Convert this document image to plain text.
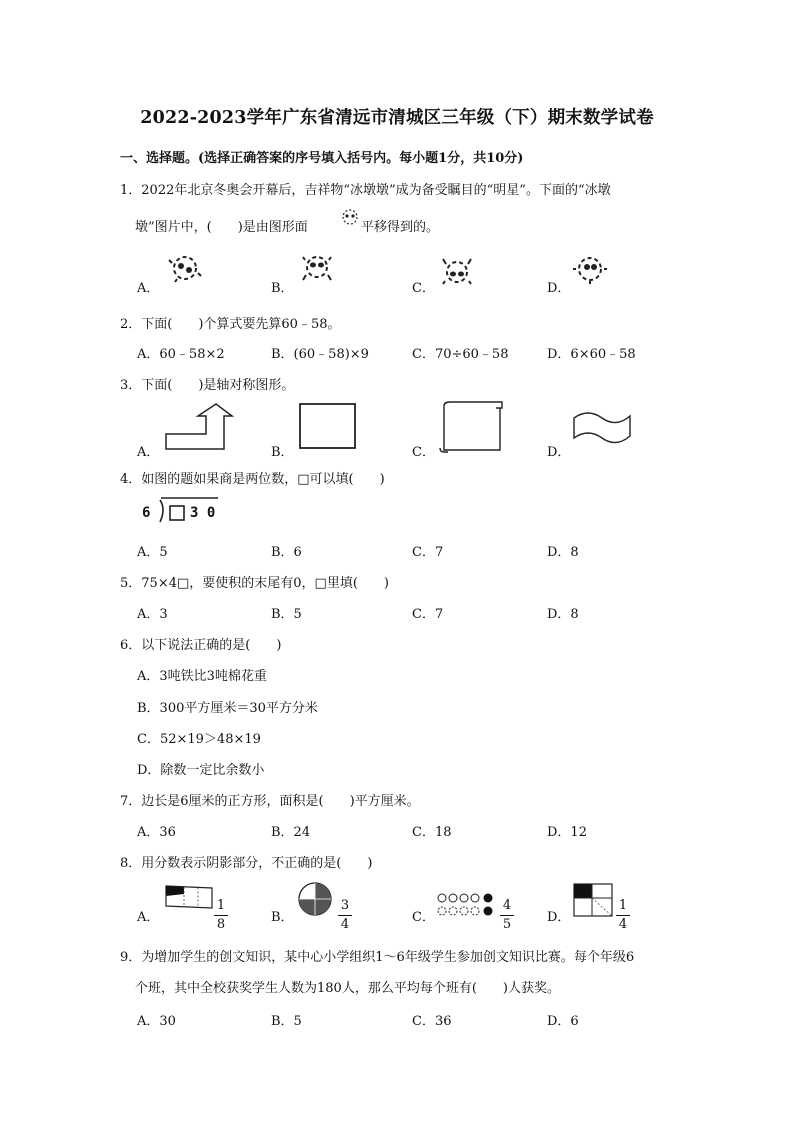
2022-2023学年广东省清远市清城区三年级（下）期末数学试卷
一、选择题。(选择正确答案的序号填入括号内。每小题1分，共10分)
1．2022年北京冬奥会开幕后，吉祥物“冰墩墩”成为备受瞩目的“明星”。下面的“冰墩
墩”图片中，(　　)是由图形面	平移得到的。
A．	B．	C．	D．
2．下面(　　)个算式要先算60﹣58。
A．60﹣58×2	B．(60﹣58)×9	C．70÷60﹣58	D．6×60﹣58
3．下面(　　)是轴对称图形。
A．	B．	C．	D．
4．如图的题如果商是两位数，□可以填(　　)
6	3 0
A．5	B．6	C．7	D．8
5．75×4□，要使积的末尾有0，□里填(　　)
A．3	B．5	C．7	D．8
6．以下说法正确的是(　　)
A．3吨铁比3吨棉花重
B．300平方厘米＝30平方分米
C．52×19＞48×19
D．除数一定比余数小
7．边长是6厘米的正方形，面积是(　　)平方厘米。
A．36	B．24	C．18	D．12
8．用分数表示阴影部分，不正确的是(　　)
A．
1
8	B．
3
4	C．
4
5	D．
1
4
9．为增加学生的创文知识，某中心小学组织1～6年级学生参加创文知识比赛。每个年级6
个班，其中全校获奖学生人数为180人，那么平均每个班有(　　)人获奖。
A．30	B．5	C．36	D．6
